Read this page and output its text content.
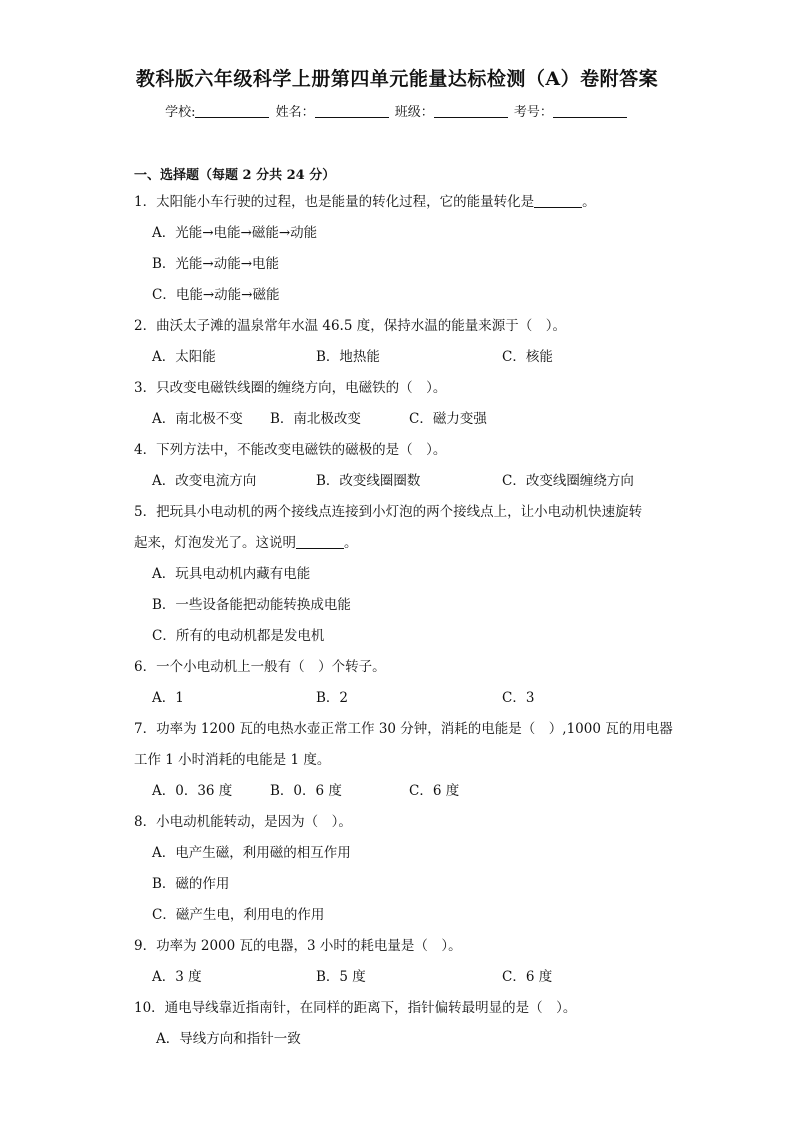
教科版六年级科学上册第四单元能量达标检测（A）卷附答案
学校:	姓名：	班级：	考号：
一、选择题（每题 2 分共 24 分）
1．太阳能小车行驶的过程，也是能量的转化过程，它的能量转化是	。
A．光能→电能→磁能→动能
B．光能→动能→电能
C．电能→动能→磁能
2．曲沃太子滩的温泉常年水温 46.5 度，保持水温的能量来源于（　）。
A．太阳能	B．地热能	C．核能
3．只改变电磁铁线圈的缠绕方向，电磁铁的（　）。
A．南北极不变	B．南北极改变	C．磁力变强
4．下列方法中，不能改变电磁铁的磁极的是（　）。
A．改变电流方向	B．改变线圈圈数	C．改变线圈缠绕方向
5．把玩具小电动机的两个接线点连接到小灯泡的两个接线点上，让小电动机快速旋转
起来，灯泡发光了。这说明	。
A．玩具电动机内藏有电能
B．一些设备能把动能转换成电能
C．所有的电动机都是发电机
6．一个小电动机上一般有（　）个转子。
A．1	B．2	C．3
7．功率为 1200 瓦的电热水壶正常工作 30 分钟，消耗的电能是（　）,1000 瓦的用电器
工作 1 小时消耗的电能是 1 度。
A．0．36 度	B．0．6 度	C．6 度
8．小电动机能转动，是因为（　）。
A．电产生磁，利用磁的相互作用
B．磁的作用
C．磁产生电，利用电的作用
9．功率为 2000 瓦的电器，3 小时的耗电量是（　）。
A．3 度	B．5 度	C．6 度
10．通电导线靠近指南针，在同样的距离下，指针偏转最明显的是（　）。
A．导线方向和指针一致
